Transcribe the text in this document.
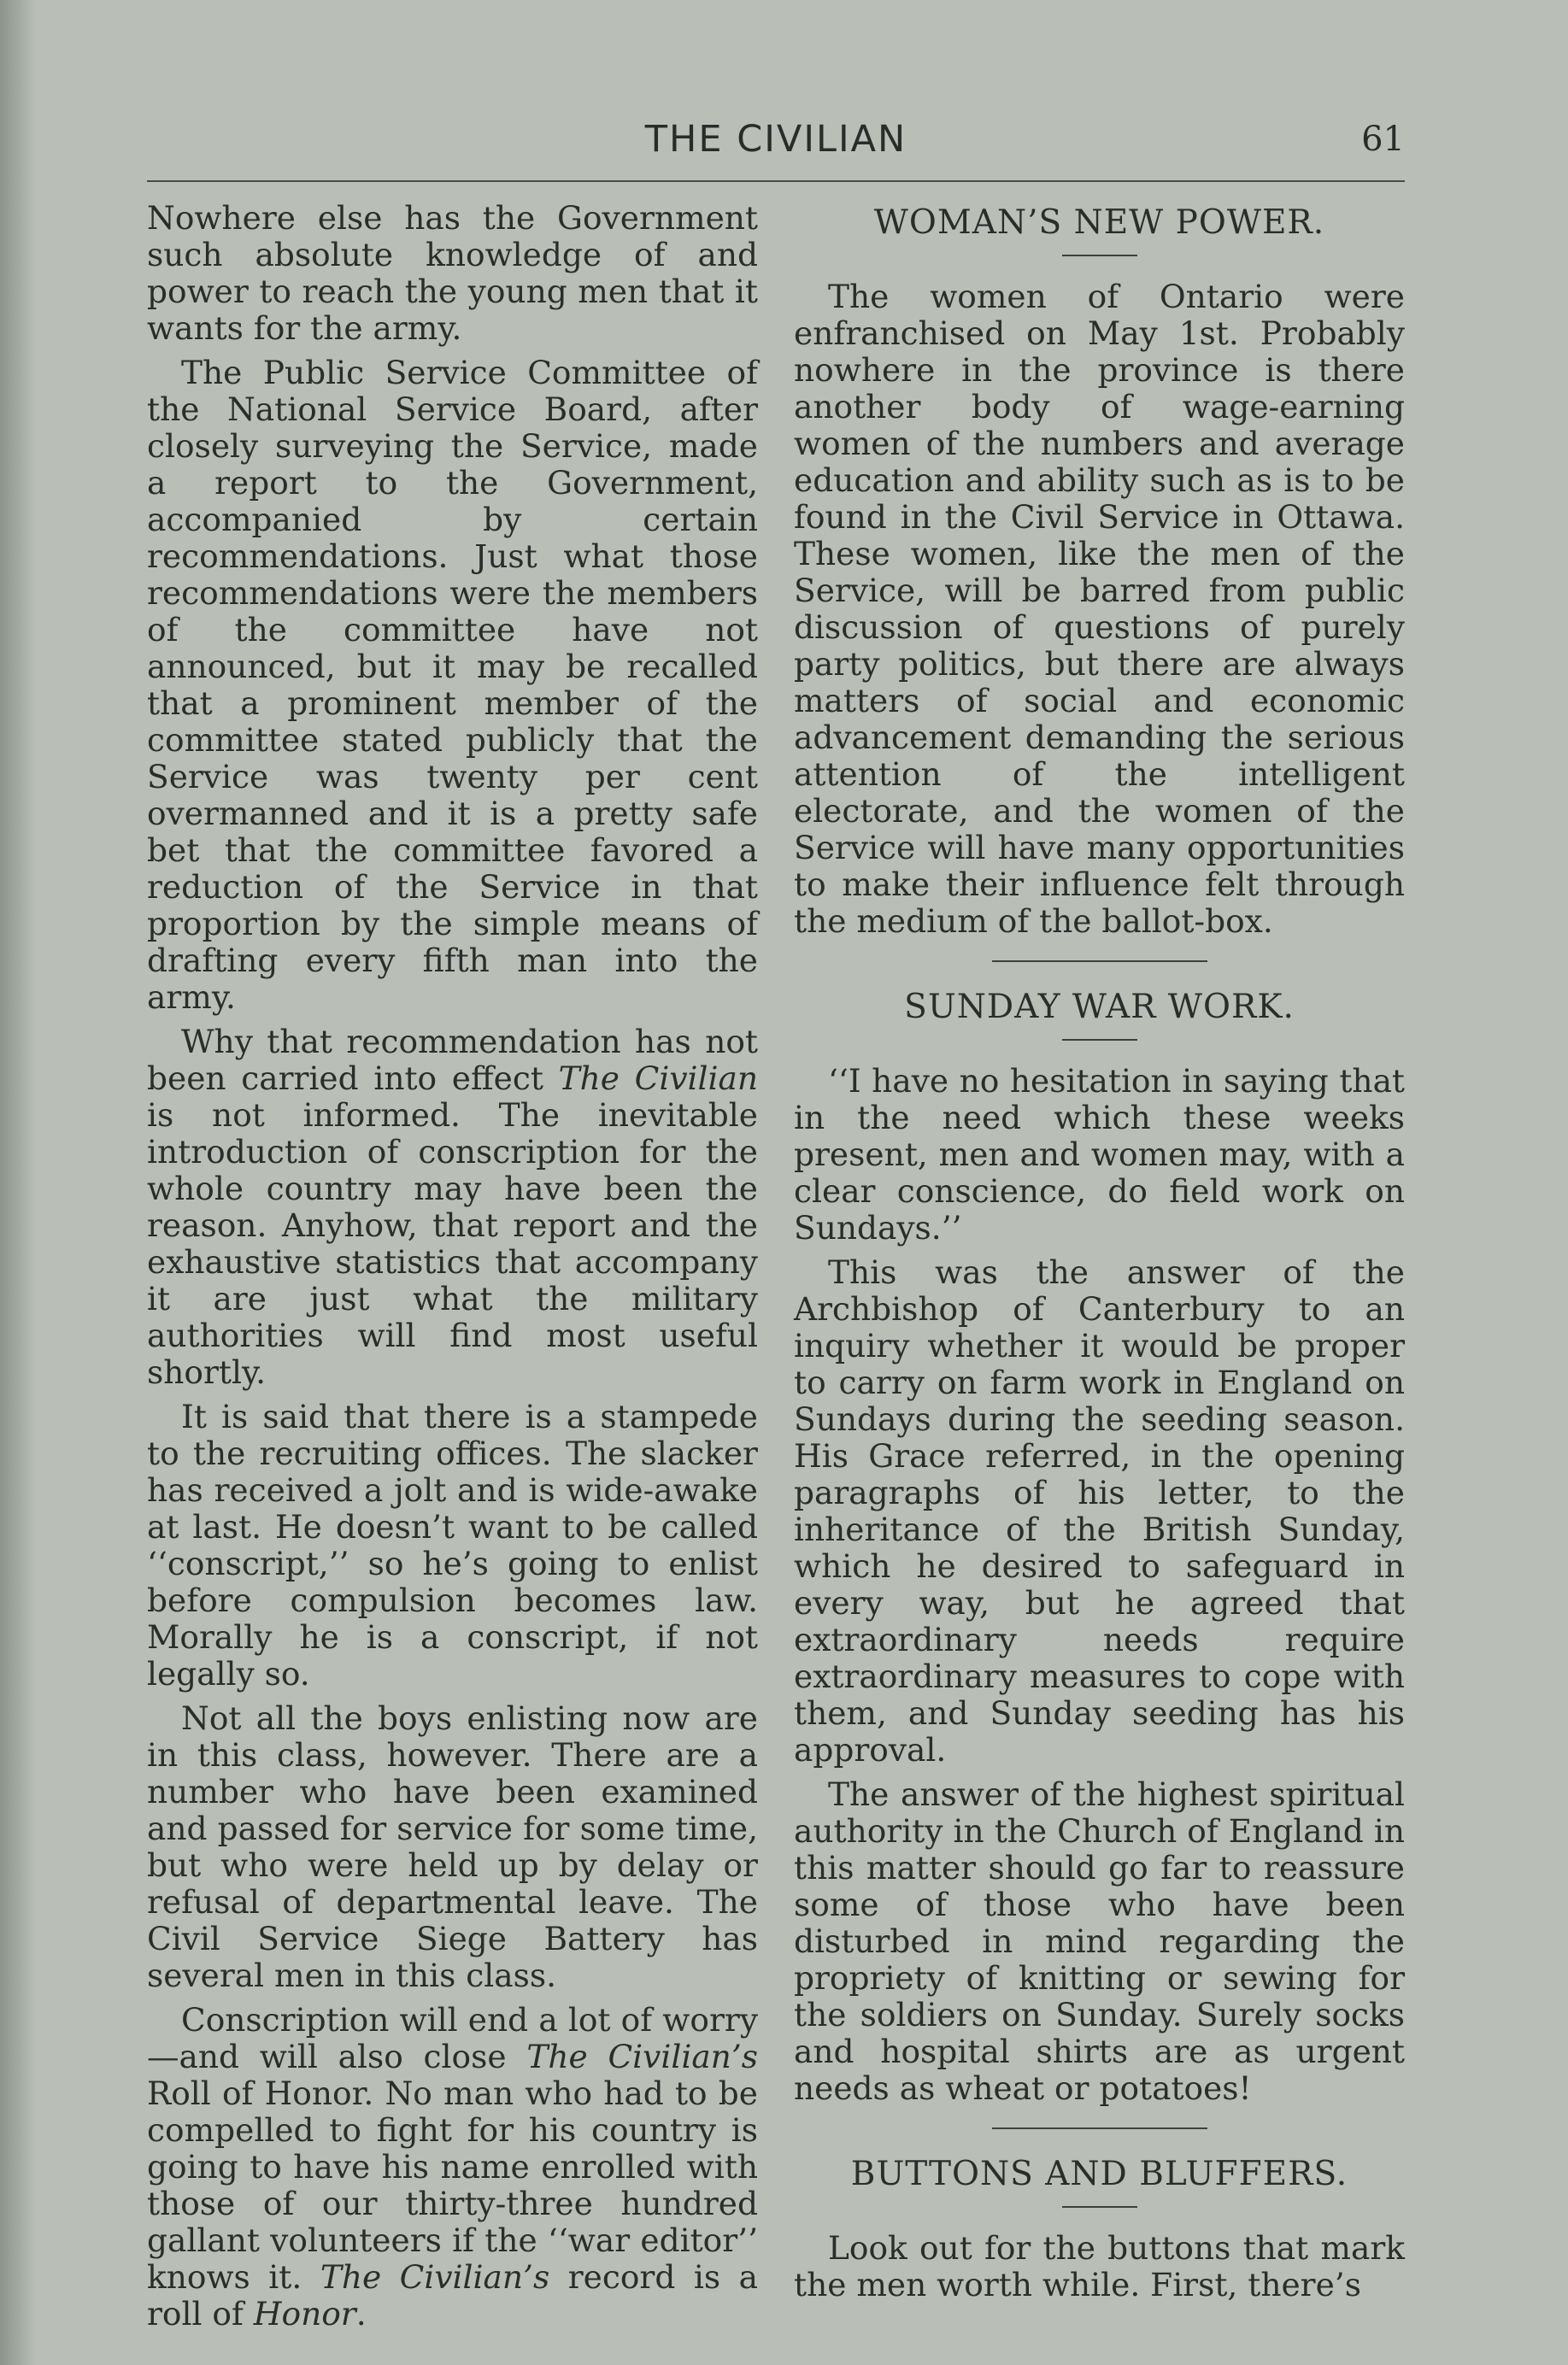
THE CIVILIAN	61

Nowhere else has the Government such absolute knowledge of and power to reach the young men that it wants for the army.

The Public Service Committee of the National Service Board, after closely surveying the Service, made a report to the Government, accompanied by certain recommendations. Just what those recommendations were the members of the committee have not announced, but it may be recalled that a prominent member of the committee stated publicly that the Service was twenty per cent overmanned and it is a pretty safe bet that the committee favored a reduction of the Service in that proportion by the simple means of drafting every fifth man into the army.

Why that recommendation has not been carried into effect The Civilian is not informed. The inevitable introduction of conscription for the whole country may have been the reason. Anyhow, that report and the exhaustive statistics that accompany it are just what the military authorities will find most useful shortly.

It is said that there is a stampede to the recruiting offices. The slacker has received a jolt and is wide-awake at last. He doesn’t want to be called ‘‘conscript,’’ so he’s going to enlist before compulsion becomes law. Morally he is a conscript, if not legally so.

Not all the boys enlisting now are in this class, however. There are a number who have been examined and passed for service for some time, but who were held up by delay or refusal of departmental leave. The Civil Service Siege Battery has several men in this class.

Conscription will end a lot of worry —and will also close The Civilian’s Roll of Honor. No man who had to be compelled to fight for his country is going to have his name enrolled with those of our thirty-three hundred gallant volunteers if the ‘‘war editor’’ knows it. The Civilian’s record is a roll of Honor.

WOMAN’S NEW POWER.

The women of Ontario were enfranchised on May 1st. Probably nowhere in the province is there another body of wage-earning women of the numbers and average education and ability such as is to be found in the Civil Service in Ottawa. These women, like the men of the Service, will be barred from public discussion of questions of purely party politics, but there are always matters of social and economic advancement demanding the serious attention of the intelligent electorate, and the women of the Service will have many opportunities to make their influence felt through the medium of the ballot-box.

SUNDAY WAR WORK.

‘‘I have no hesitation in saying that in the need which these weeks present, men and women may, with a clear conscience, do field work on Sundays.’’

This was the answer of the Archbishop of Canterbury to an inquiry whether it would be proper to carry on farm work in England on Sundays during the seeding season. His Grace referred, in the opening paragraphs of his letter, to the inheritance of the British Sunday, which he desired to safeguard in every way, but he agreed that extraordinary needs require extraordinary measures to cope with them, and Sunday seeding has his approval.

The answer of the highest spiritual authority in the Church of England in this matter should go far to reassure some of those who have been disturbed in mind regarding the propriety of knitting or sewing for the soldiers on Sunday. Surely socks and hospital shirts are as urgent needs as wheat or potatoes!

BUTTONS AND BLUFFERS.

Look out for the buttons that mark the men worth while. First, there’s
